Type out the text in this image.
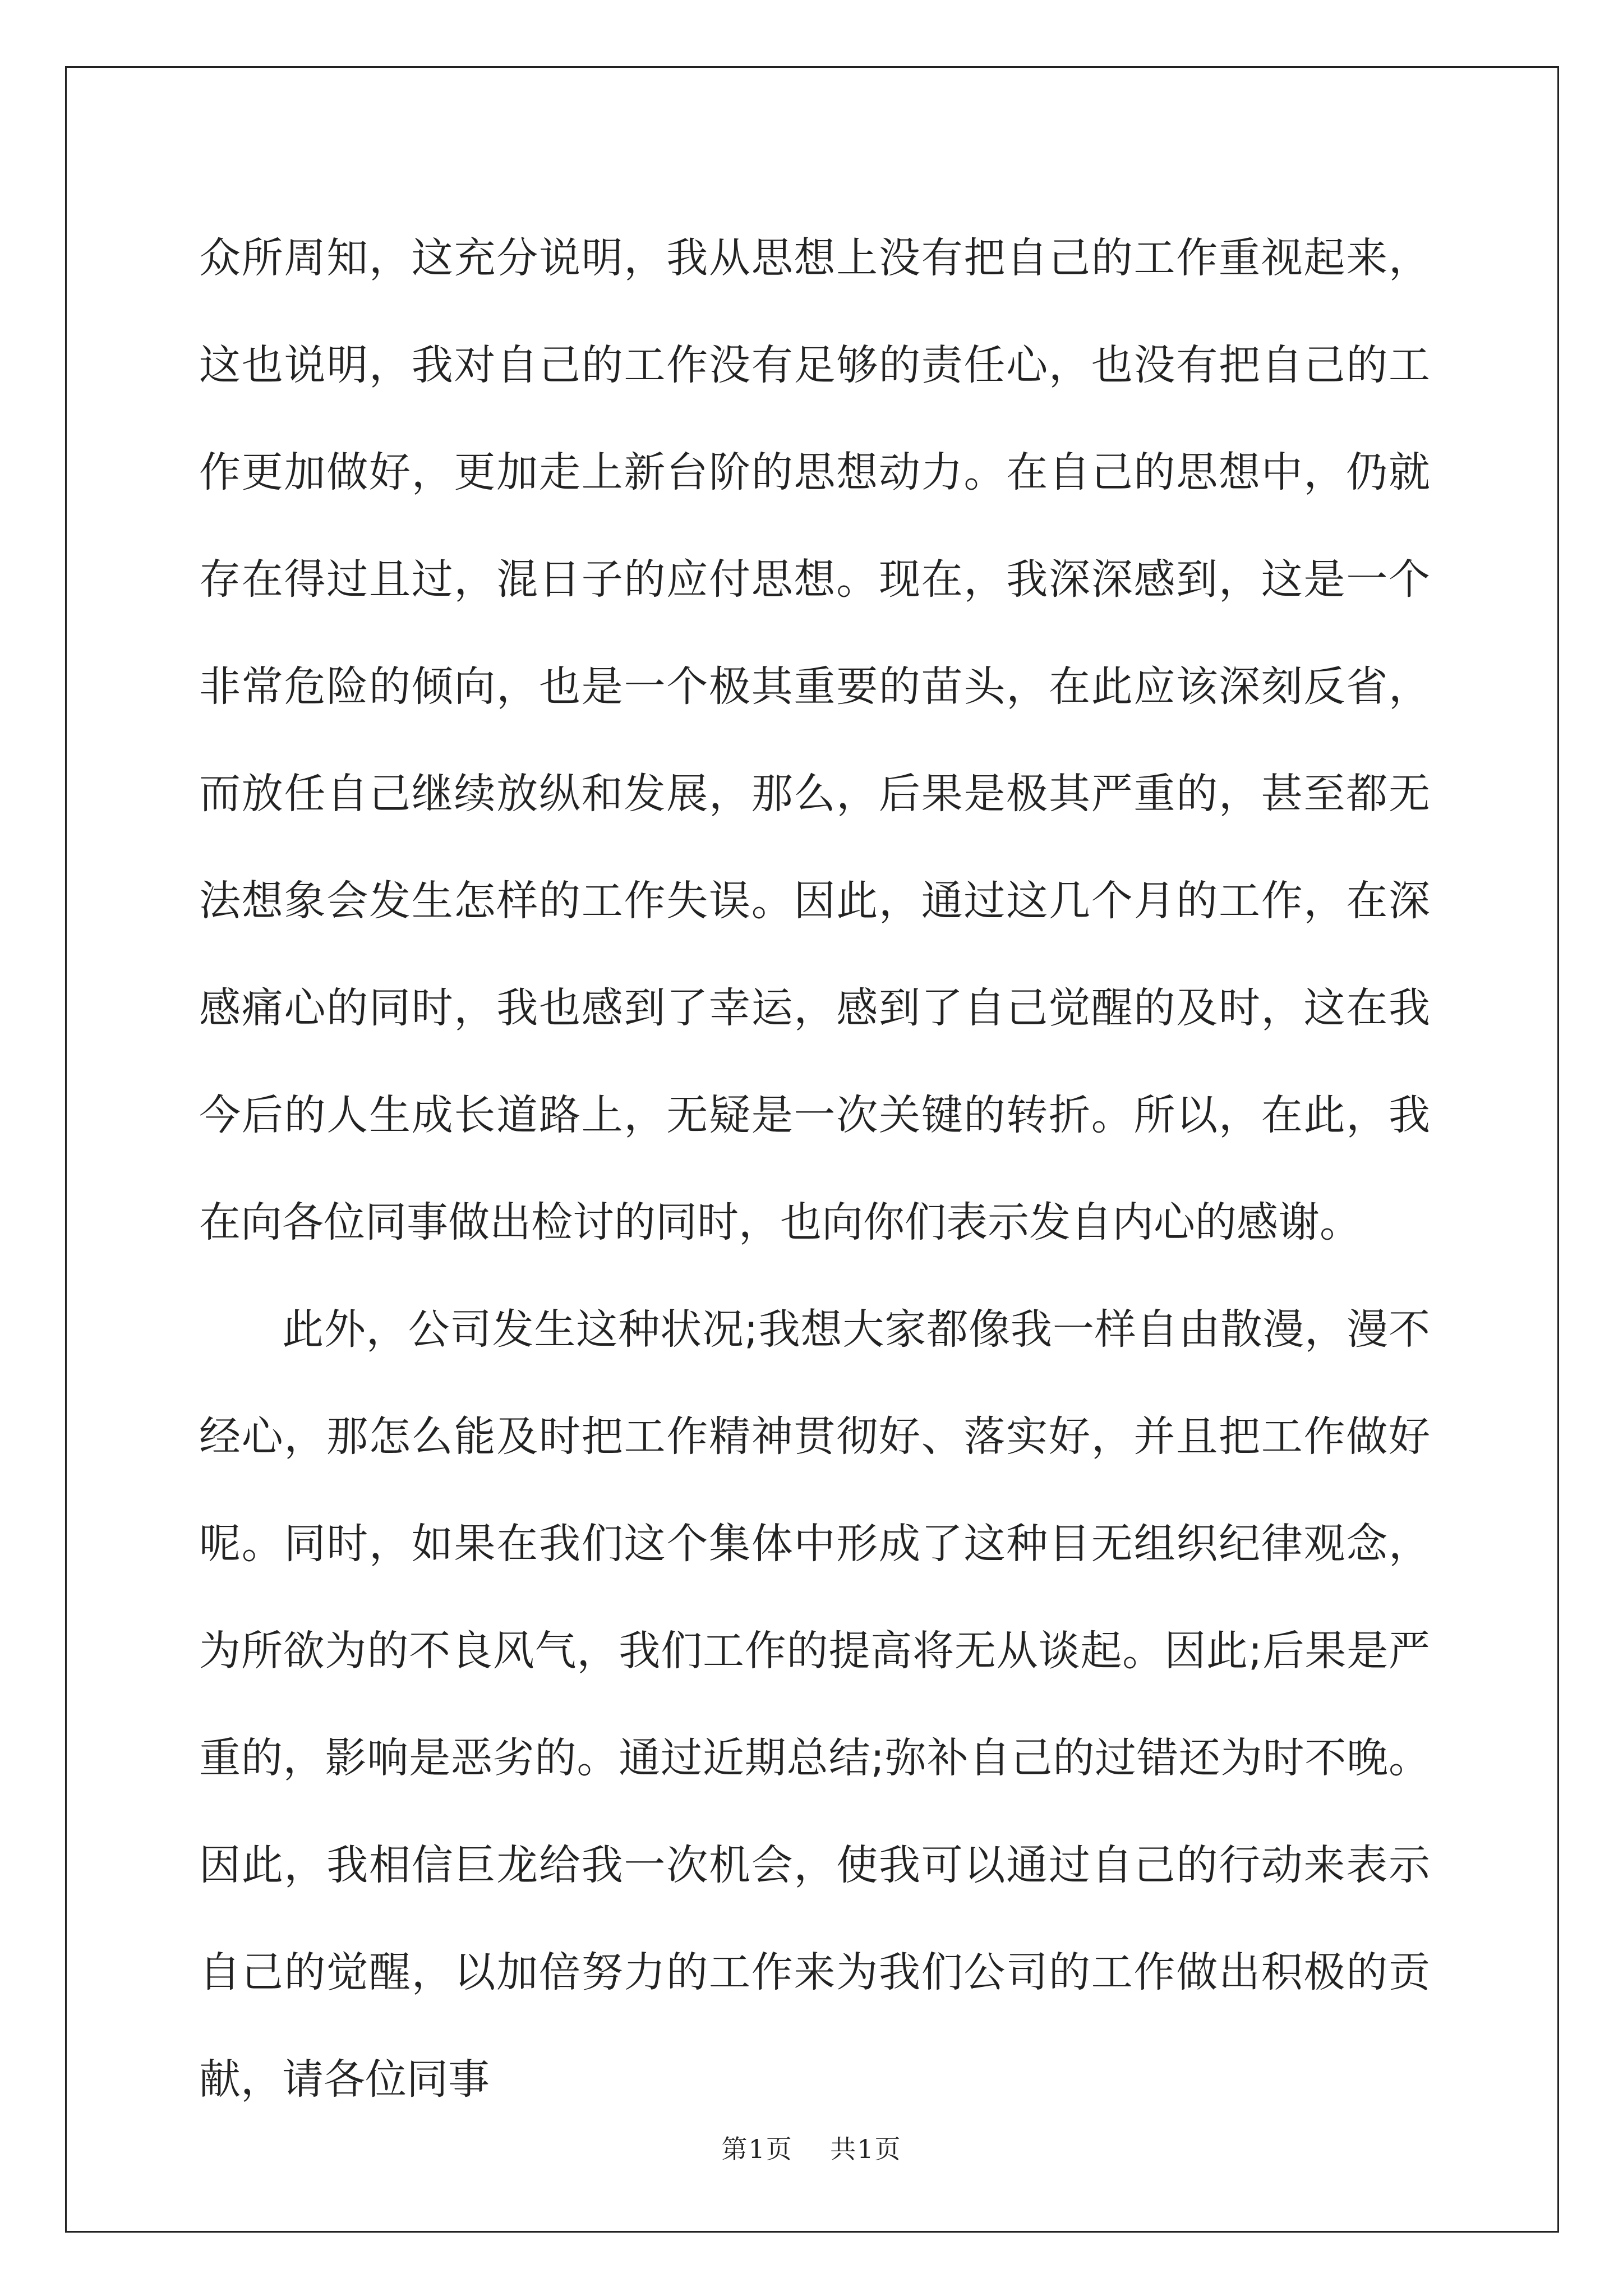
众所周知，这充分说明，我从思想上没有把自己的工作重视起来，这也说明，我对自己的工作没有足够的责任心，也没有把自己的工作更加做好，更加走上新台阶的思想动力。在自己的思想中，仍就存在得过且过，混日子的应付思想。现在，我深深感到，这是一个非常危险的倾向，也是一个极其重要的苗头，在此应该深刻反省，而放任自己继续放纵和发展，那么，后果是极其严重的，甚至都无法想象会发生怎样的工作失误。因此，通过这几个月的工作，在深感痛心的同时，我也感到了幸运，感到了自己觉醒的及时，这在我今后的人生成长道路上，无疑是一次关键的转折。所以，在此，我在向各位同事做出检讨的同时，也向你们表示发自内心的感谢。

此外，公司发生这种状况;我想大家都像我一样自由散漫，漫不经心，那怎么能及时把工作精神贯彻好、落实好，并且把工作做好呢。同时，如果在我们这个集体中形成了这种目无组织纪律观念，为所欲为的不良风气，我们工作的提高将无从谈起。因此;后果是严重的，影响是恶劣的。通过近期总结;弥补自己的过错还为时不晚。因此，我相信巨龙给我一次机会，使我可以通过自己的行动来表示自己的觉醒，以加倍努力的工作来为我们公司的工作做出积极的贡献，请各位同事

第1页    共1页
